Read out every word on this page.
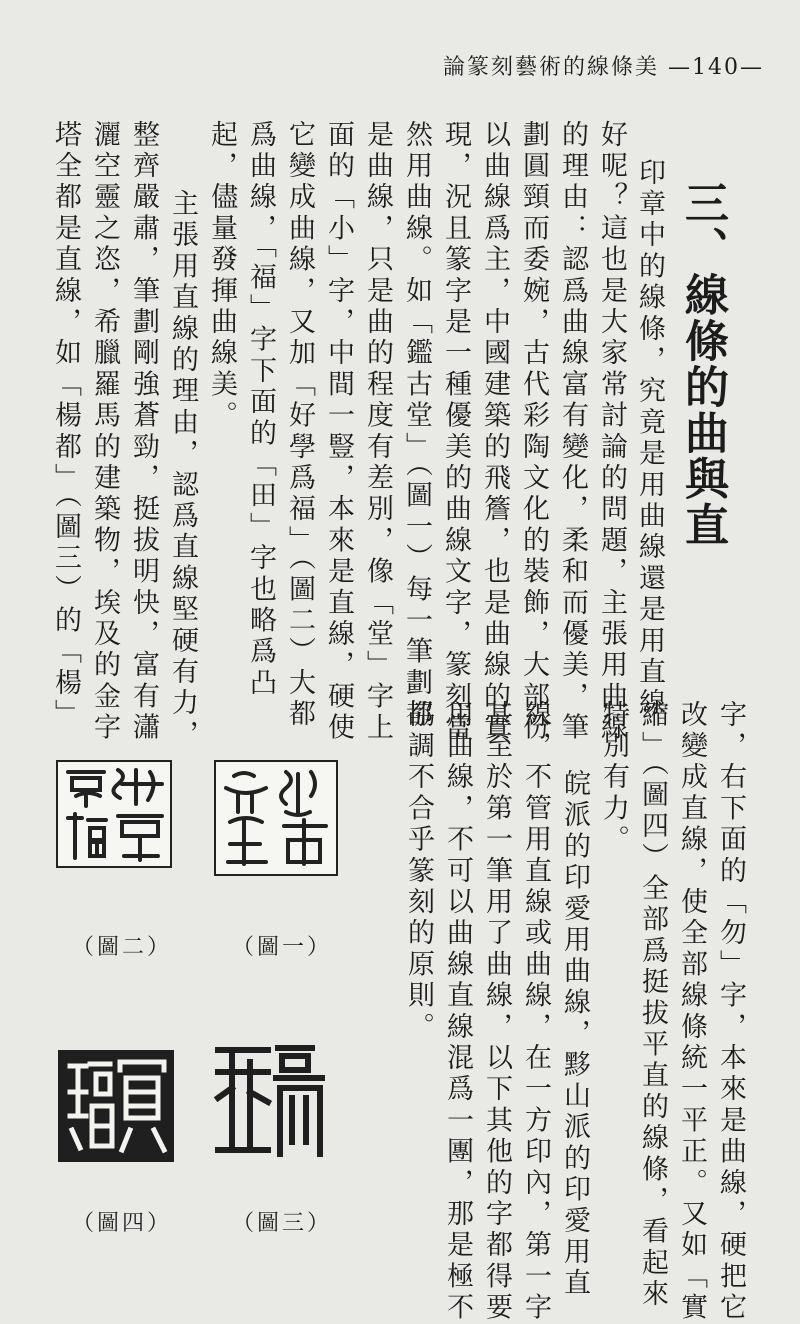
論篆刻藝術的線條美 —140—
三、線條的曲與直
印章中的線條，究竟是用曲線還是用直線
好呢？這也是大家常討論的問題，主張用曲線
的理由：認爲曲線富有變化，柔和而優美，筆
劃圓頸而委婉，古代彩陶文化的裝飾，大部份
以曲線爲主，中國建築的飛簷，也是曲線的實
現，況且篆字是一種優美的曲線文字，篆刻當
然用曲線。如「鑑古堂」（圖一）每一筆劃都
是曲線，只是曲的程度有差別，像「堂」字上
面的「小」字，中間一豎，本來是直線，硬使
它變成曲線，又加「好學爲福」（圖二）大都
爲曲線，「福」字下面的「田」字也略爲凸
起，儘量發揮曲線美。
　主張用直線的理由，認爲直線堅硬有力，
整齊嚴肅，筆劃剛強蒼勁，挺拔明快，富有瀟
灑空靈之恣，希臘羅馬的建築物，埃及的金字
塔全都是直線，如「楊都」（圖三）的「楊」
字，右下面的「勿」字，本來是曲線，硬把它
改變成直線，使全部線條統一平正。又如「實
縮」（圖四）全部爲挺拔平直的線條，看起來
特別有力。
　皖派的印愛用曲線，黟山派的印愛用直
線，不管用直線或曲線，在一方印內，第一字
甚至於第一筆用了曲線，以下其他的字都得要
用曲線，不可以曲線直線混爲一團，那是極不
協調不合乎篆刻的原則。
（圖一）
（圖二）
（圖三）
（圖四）
